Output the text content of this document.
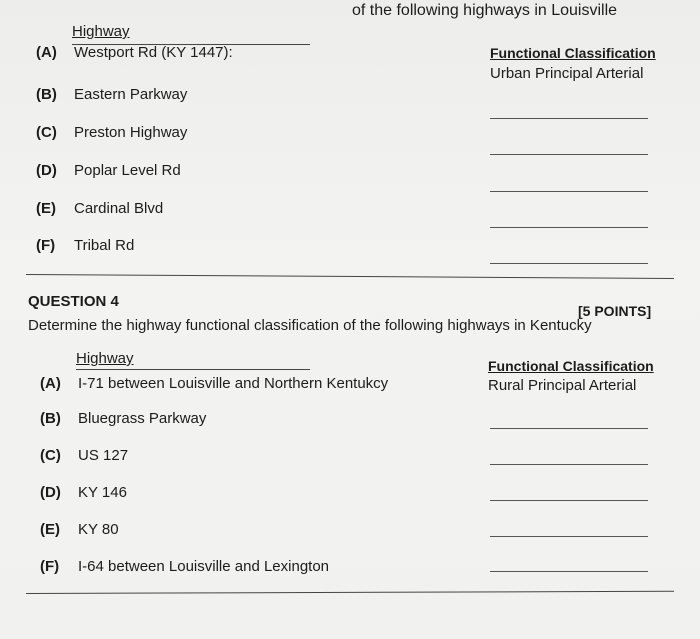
of the following highways in Louisville
Highway
Functional Classification
Urban Principal Arterial
(A) Westport Rd (KY 1447):
(B) Eastern Parkway
(C) Preston Highway
(D) Poplar Level Rd
(E) Cardinal Blvd
(F) Tribal Rd
QUESTION 4
[5 POINTS]
Determine the highway functional classification of the following highways in Kentucky
Highway	Functional Classification
Rural Principal Arterial
(A) I-71 between Louisville and Northern Kentukcy
(B) Bluegrass Parkway
(C) US 127
(D) KY 146
(E) KY 80
(F) I-64 between Louisville and Lexington
